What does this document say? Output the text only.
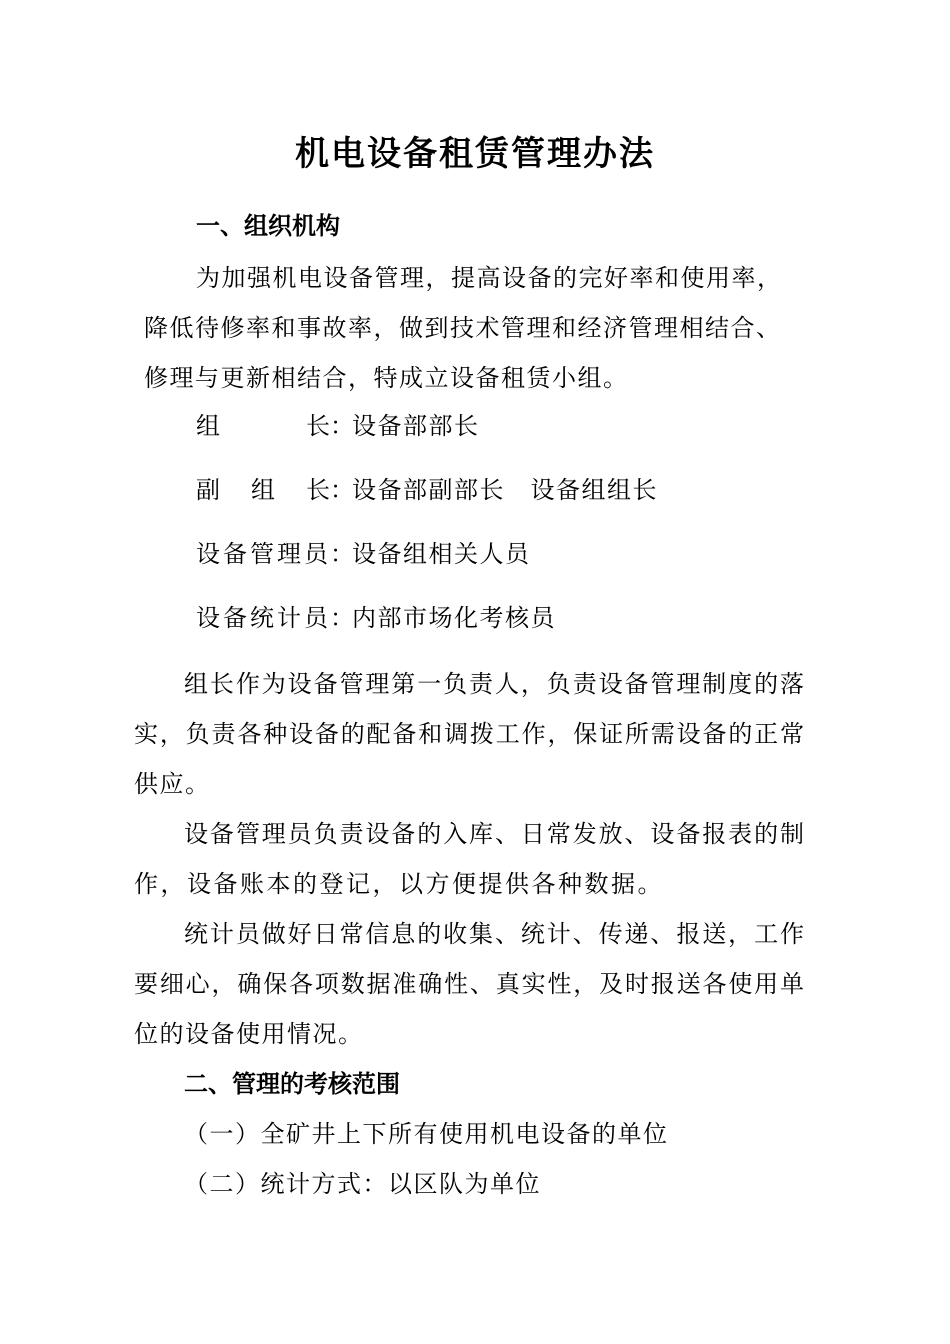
机电设备租赁管理办法
一、组织机构
为加强机电设备管理，提高设备的完好率和使用率，
降低待修率和事故率，做到技术管理和经济管理相结合、
修理与更新相结合，特成立设备租赁小组。
组	长 ：
设备部部长
副 组 长 ：
设备部副部长　设备组组长
设备管理员 ：
设备组相关人员
设备统计员 ：
内部市场化考核员
组长作为设备管理第一负责人，负责设备管理制度的落
实，负责各种设备的配备和调拨工作，保证所需设备的正常
供应。
设备管理员负责设备的入库、日常发放、设备报表的制
作，设备账本的登记，以方便提供各种数据。
统计员做好日常信息的收集、统计、传递、报送，工作
要细心，确保各项数据准确性、真实性，及时报送各使用单
位的设备使用情况。
二、管理的考核范围
（一）全矿井上下所有使用机电设备的单位
（二）统计方式：以区队为单位
